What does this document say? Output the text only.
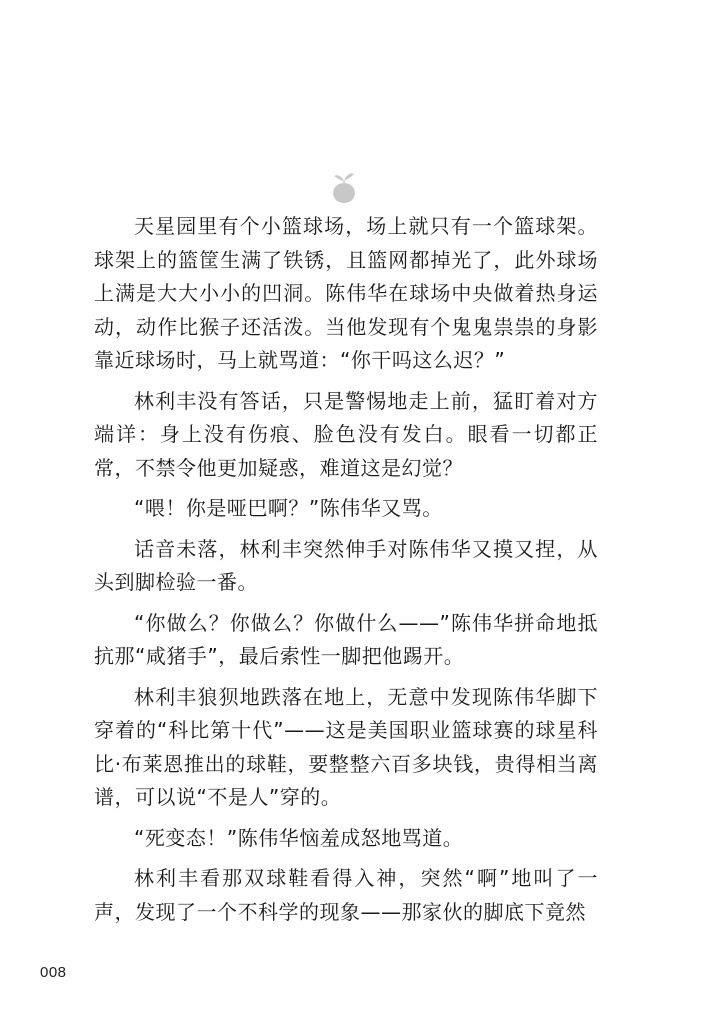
天星园里有个小篮球场，场上就只有一个篮球架。球架上的篮筐生满了铁锈，且篮网都掉光了，此外球场上满是大大小小的凹洞。陈伟华在球场中央做着热身运动，动作比猴子还活泼。当他发现有个鬼鬼祟祟的身影靠近球场时，马上就骂道：“你干吗这么迟？”

林利丰没有答话，只是警惕地走上前，猛盯着对方端详：身上没有伤痕、脸色没有发白。眼看一切都正常，不禁令他更加疑惑，难道这是幻觉？

“喂！你是哑巴啊？”陈伟华又骂。

话音未落，林利丰突然伸手对陈伟华又摸又捏，从头到脚检验一番。

“你做么？你做么？你做什么——”陈伟华拼命地抵抗那“咸猪手”，最后索性一脚把他踢开。

林利丰狼狈地跌落在地上，无意中发现陈伟华脚下穿着的“科比第十代”——这是美国职业篮球赛的球星科比·布莱恩推出的球鞋，要整整六百多块钱，贵得相当离谱，可以说“不是人”穿的。

“死变态！”陈伟华恼羞成怒地骂道。

林利丰看那双球鞋看得入神，突然“啊”地叫了一声，发现了一个不科学的现象——那家伙的脚底下竟然

008
